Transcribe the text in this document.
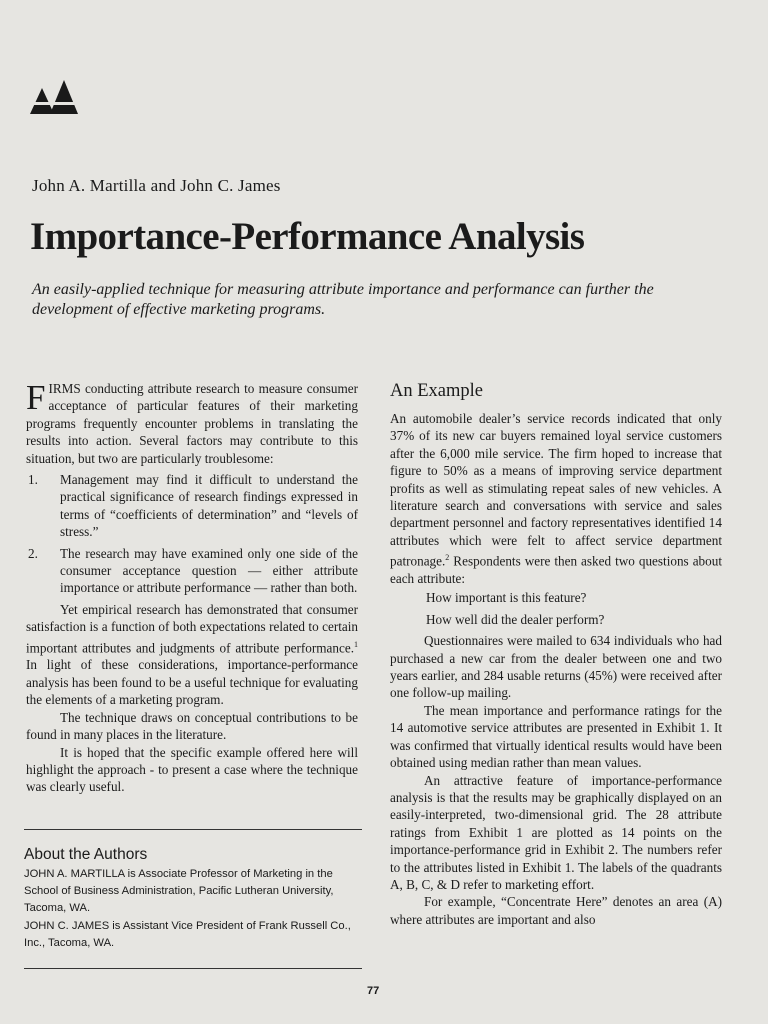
John A. Martilla and John C. James
Importance-Performance Analysis

An easily-applied technique for measuring attribute importance and performance can further the development of effective marketing programs.

FIRMS conducting attribute research to measure consumer acceptance of particular features of their marketing programs frequently encounter problems in translating the results into action. Several factors may contribute to this situation, but two are particularly troublesome:

1. Management may find it difficult to understand the practical significance of research findings expressed in terms of “coefficients of determination” and “levels of stress.”
2. The research may have examined only one side of the consumer acceptance question — either attribute importance or attribute performance — rather than both.

Yet empirical research has demonstrated that consumer satisfaction is a function of both expectations related to certain important attributes and judgments of attribute performance.$^1$ In light of these considerations, importance-performance analysis has been found to be a useful technique for evaluating the elements of a marketing program.

The technique draws on conceptual contributions to be found in many places in the literature.

It is hoped that the specific example offered here will highlight the approach - to present a case where the technique was clearly useful.

About the Authors

JOHN A. MARTILLA is Associate Professor of Marketing in the School of Business Administration, Pacific Lutheran University, Tacoma, WA.

JOHN C. JAMES is Assistant Vice President of Frank Russell Co., Inc., Tacoma, WA.

An Example

An automobile dealer’s service records indicated that only 37% of its new car buyers remained loyal service customers after the 6,000 mile service. The firm hoped to increase that figure to 50% as a means of improving service department profits as well as stimulating repeat sales of new vehicles. A literature search and conversations with service and sales department personnel and factory representatives identified 14 attributes which were felt to affect service department patronage.$^2$ Respondents were then asked two questions about each attribute:

How important is this feature?

How well did the dealer perform?

Questionnaires were mailed to 634 individuals who had purchased a new car from the dealer between one and two years earlier, and 284 usable returns (45%) were received after one follow-up mailing.

The mean importance and performance ratings for the 14 automotive service attributes are presented in Exhibit 1. It was confirmed that virtually identical results would have been obtained using median rather than mean values.

An attractive feature of importance-performance analysis is that the results may be graphically displayed on an easily-interpreted, two-dimensional grid. The 28 attribute ratings from Exhibit 1 are plotted as 14 points on the importance-performance grid in Exhibit 2. The numbers refer to the attributes listed in Exhibit 1. The labels of the quadrants A, B, C, & D refer to marketing effort.

For example, “Concentrate Here” denotes an area (A) where attributes are important and also

77
